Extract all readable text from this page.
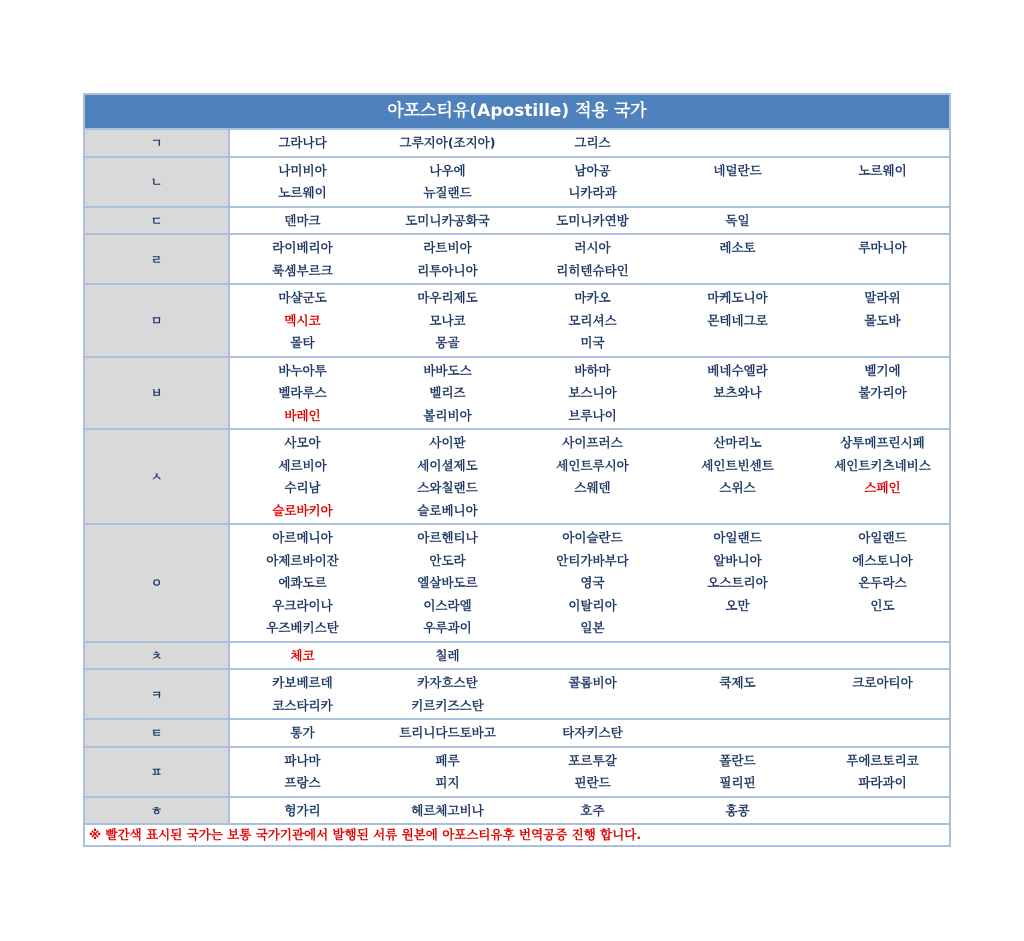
아포스티유(Apostille) 적용 국가
ㄱ	그라나다	그루지아(조지아)	그리스
ㄴ
나미비아	나우에	남아공	네덜란드	노르웨이
노르웨이	뉴질랜드	니카라과
ㄷ	덴마크	도미니카공화국	도미니카연방	독일
ㄹ
라이베리아	라트비아	러시아	레소토	루마니아
룩셈부르크	리투아니아	리히텐슈타인
ㅁ
마샬군도	마우리제도	마카오	마케도니아	말라위
멕시코	모나코	모리셔스	몬테네그로	몰도바
몰타	몽골	미국
ㅂ
바누아투	바바도스	바하마	베네수엘라	벨기에
벨라루스	벨리즈	보스니아	보츠와나	불가리아
바레인	볼리비아	브루나이
ㅅ
사모아	사이판	사이프러스	산마리노	상투메프린시페
세르비아	세이셜제도	세인트루시아	세인트빈센트	세인트키츠네비스
수리남	스와칠랜드	스웨덴	스위스	스페인
슬로바키아	슬로베니아
ㅇ
아르메니아	아르헨티나	아이슬란드	아일랜드	아일랜드
아제르바이잔	안도라	안티가바부다	알바니아	에스토니아
에콰도르	엘살바도르	영국	오스트리아	온두라스
우크라이나	이스라엘	이탈리아	오만	인도
우즈베키스탄	우루과이	일본
ㅊ	체코	칠레
ㅋ
카보베르데	카자흐스탄	콜롬비아	쿡제도	크로아티아
코스타리카	키르키즈스탄
ㅌ	통가	트리니다드토바고	타자키스탄
ㅍ
파나마	페루	포르투갈	폴란드	푸에르토리코
프랑스	피지	핀란드	필리핀	파라과이
ㅎ	헝가리	헤르체고비나	호주	홍콩
※ 빨간색 표시된 국가는 보통 국가기관에서 발행된 서류 원본에 아포스티유후 번역공증 진행 합니다.
